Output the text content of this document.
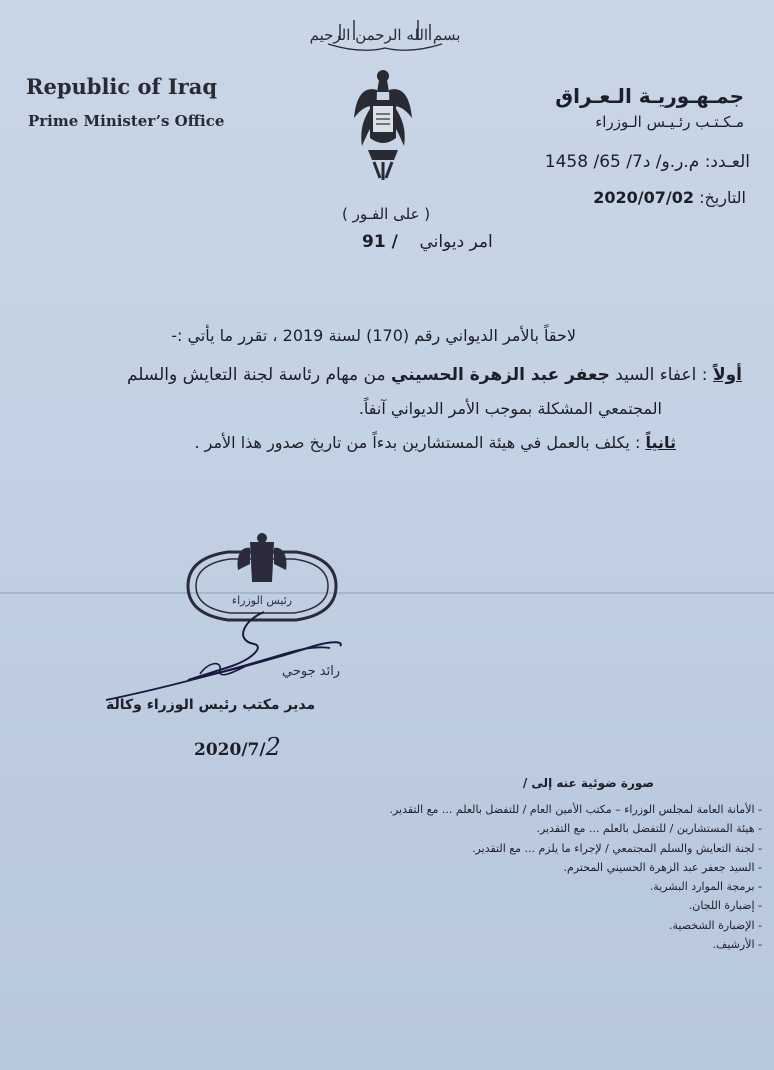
بسم الله الرحمن الرحيم
Republic of Iraq
Prime Minister’s Office
جمـهـوريـة الـعـراق
مـكـتـب رئـيـس الـوزراء
العـدد: م.ر.و/ د7/ 65/ 1458
التاريخ: 2020/07/02
( على الفـور )
امر ديواني    / 91
لاحقاً بالأمر الديواني رقم (170) لسنة 2019 ، تقرر ما يأتي :-
أولاً : اعفاء السيد جعفر عبد الزهرة الحسيني من مهام رئاسة لجنة التعايش والسلم
المجتمعي المشكلة بموجب الأمر الديواني آنفاً.
ثانياً : يكلف بالعمل في هيئة المستشارين بدءاً من تاريخ صدور هذا الأمر .
رئيس الوزراء
رائد جوحي
مدير مكتب رئيس الوزراء وكالة
2020/7/2
صورة ضوئية عنه إلى /
- الأمانة العامة لمجلس الوزراء – مكتب الأمين العام / للتفضل بالعلم ... مع التقدير.
- هيئة المستشارين / للتفضل بالعلم ... مع التقدير.
- لجنة التعايش والسلم المجتمعي / لإجراء ما يلزم ... مع التقدير.
- السيد جعفر عبد الزهرة الحسيني المحترم.
- برمجة الموارد البشرية.
- إضبارة اللجان.
- الإضبارة الشخصية.
- الأرشيف.
